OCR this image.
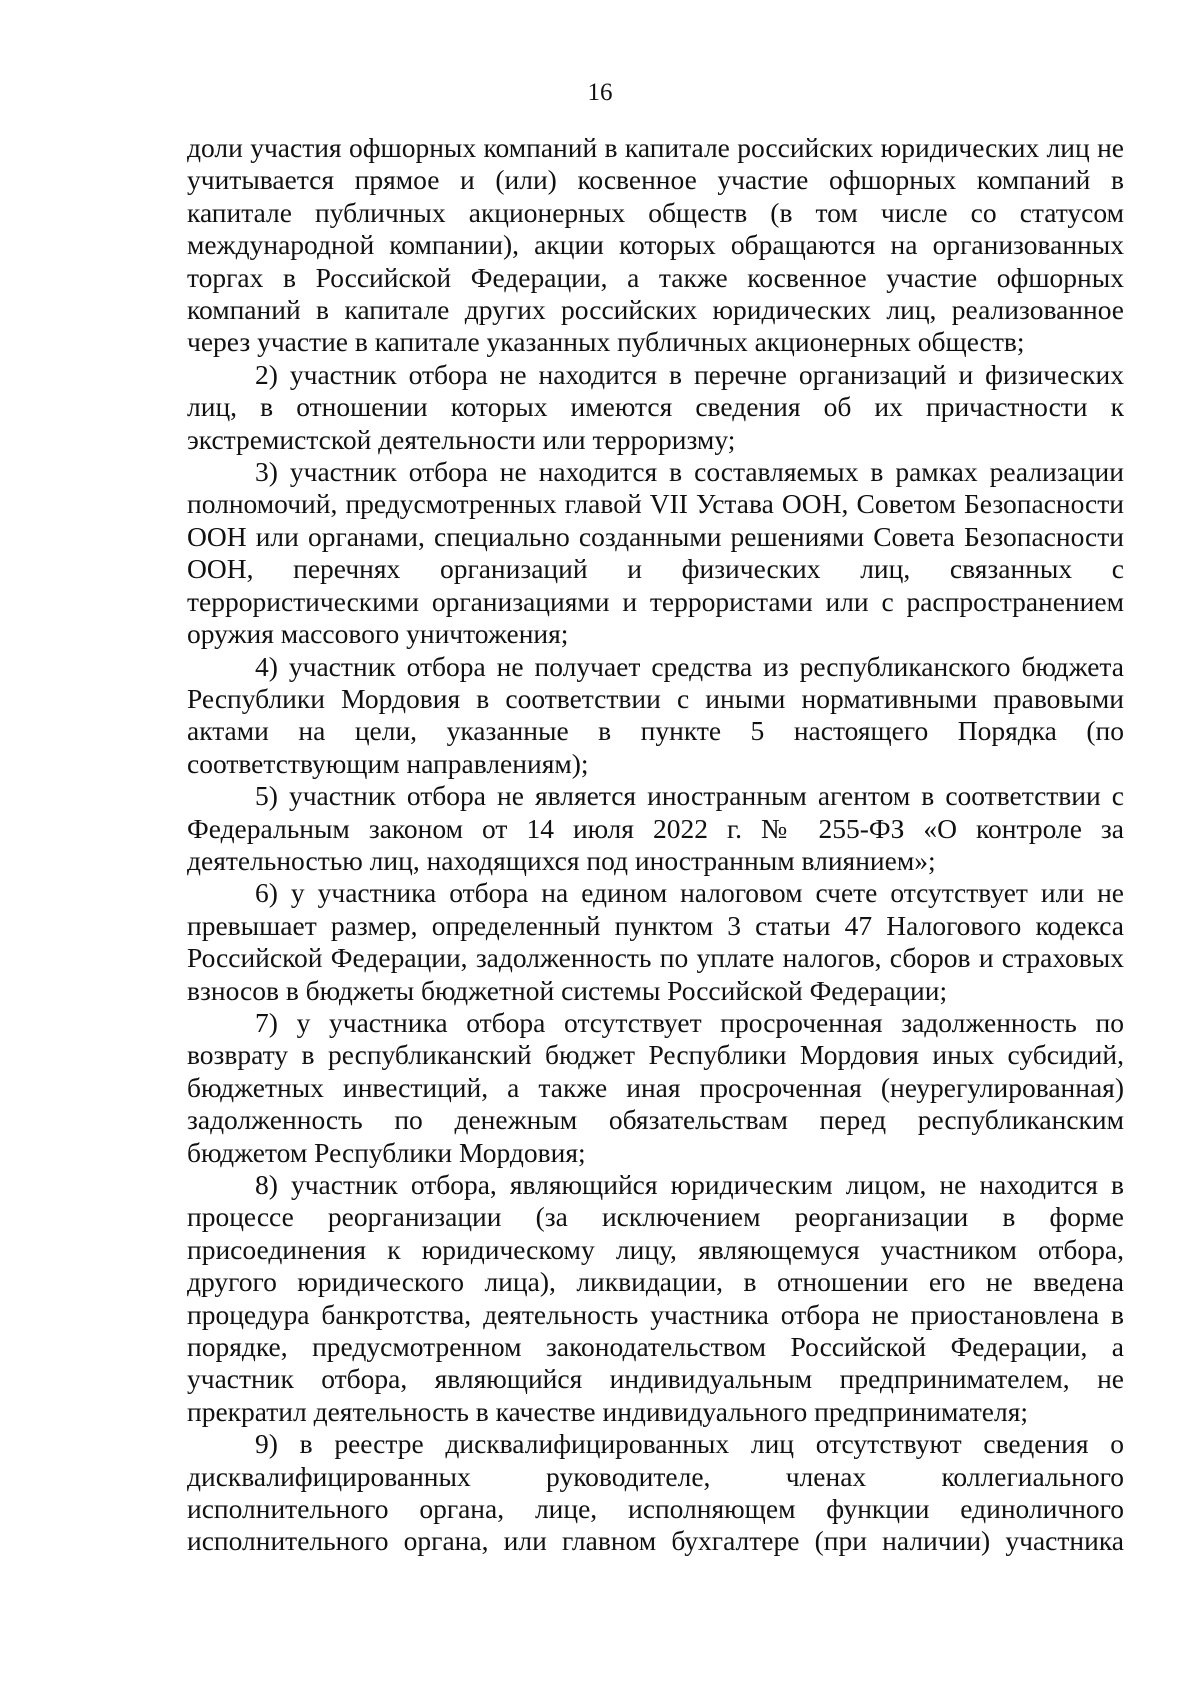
16

доли участия офшорных компаний в капитале российских юридических лиц не учитывается прямое и (или) косвенное участие офшорных компаний в капитале публичных акционерных обществ (в том числе со статусом международной компании), акции которых обращаются на организованных торгах в Российской Федерации, а также косвенное участие офшорных компаний в капитале других российских юридических лиц, реализованное через участие в капитале указанных публичных акционерных обществ;

2) участник отбора не находится в перечне организаций и физических лиц, в отношении которых имеются сведения об их причастности к экстремистской деятельности или терроризму;

3) участник отбора не находится в составляемых в рамках реализации полномочий, предусмотренных главой VII Устава ООН, Советом Безопасности ООН или органами, специально созданными решениями Совета Безопасности ООН, перечнях организаций и физических лиц, связанных с террористическими организациями и террористами или с распространением оружия массового уничтожения;

4) участник отбора не получает средства из республиканского бюджета Республики Мордовия в соответствии с иными нормативными правовыми актами на цели, указанные в пункте 5 настоящего Порядка (по соответствующим направлениям);

5) участник отбора не является иностранным агентом в соответствии с Федеральным законом от 14 июля 2022 г. № 255-ФЗ «О контроле за деятельностью лиц, находящихся под иностранным влиянием»;

6) у участника отбора на едином налоговом счете отсутствует или не превышает размер, определенный пунктом 3 статьи 47 Налогового кодекса Российской Федерации, задолженность по уплате налогов, сборов и страховых взносов в бюджеты бюджетной системы Российской Федерации;

7) у участника отбора отсутствует просроченная задолженность по возврату в республиканский бюджет Республики Мордовия иных субсидий, бюджетных инвестиций, а также иная просроченная (неурегулированная) задолженность по денежным обязательствам перед республиканским бюджетом Республики Мордовия;

8) участник отбора, являющийся юридическим лицом, не находится в процессе реорганизации (за исключением реорганизации в форме присоединения к юридическому лицу, являющемуся участником отбора, другого юридического лица), ликвидации, в отношении его не введена процедура банкротства, деятельность участника отбора не приостановлена в порядке, предусмотренном законодательством Российской Федерации, а участник отбора, являющийся индивидуальным предпринимателем, не прекратил деятельность в качестве индивидуального предпринимателя;

9) в реестре дисквалифицированных лиц отсутствуют сведения о дисквалифицированных руководителе, членах коллегиального исполнительного органа, лице, исполняющем функции единоличного исполнительного органа, или главном бухгалтере (при наличии) участника
